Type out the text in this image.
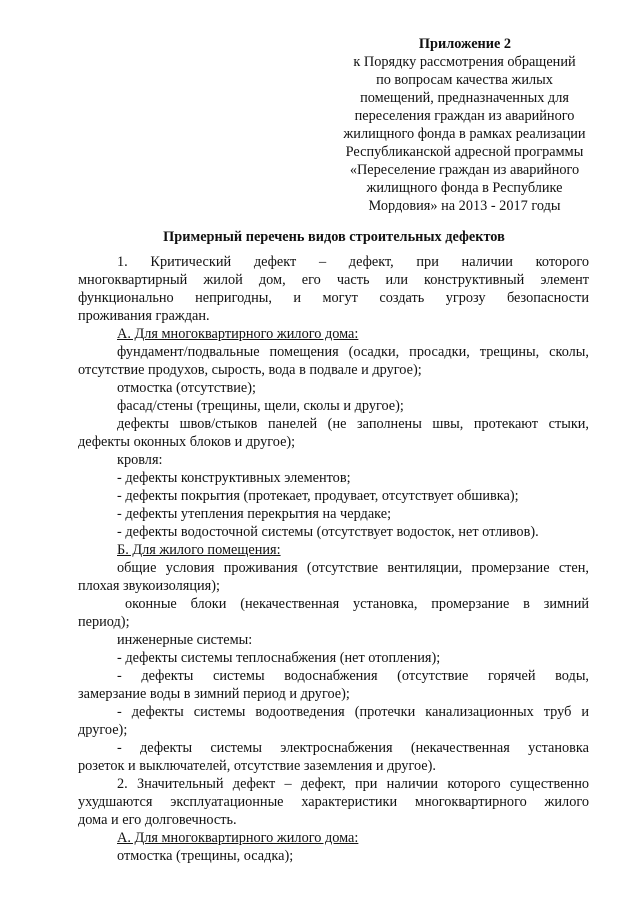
Приложение 2
к Порядку рассмотрения обращений
по вопросам качества жилых
помещений, предназначенных для
переселения граждан из аварийного
жилищного фонда в рамках реализации
Республиканской адресной программы
«Переселение граждан из аварийного
жилищного фонда в Республике
Мордовия» на 2013 - 2017 годы
Примерный перечень видов строительных дефектов
1. Критический дефект – дефект, при наличии которого
многоквартирный жилой дом, его часть или конструктивный элемент
функционально непригодны, и могут создать угрозу безопасности
проживания граждан.
А. Для многоквартирного жилого дома:
фундамент/подвальные помещения (осадки, просадки, трещины, сколы,
отсутствие продухов, сырость, вода в подвале и другое);
отмостка (отсутствие);
фасад/стены (трещины, щели, сколы и другое);
дефекты швов/стыков панелей (не заполнены швы, протекают стыки,
дефекты оконных блоков и другое);
кровля:
- дефекты конструктивных элементов;
- дефекты покрытия (протекает, продувает, отсутствует обшивка);
- дефекты утепления перекрытия на чердаке;
- дефекты водосточной системы (отсутствует водосток, нет отливов).
Б. Для жилого помещения:
общие условия проживания (отсутствие вентиляции, промерзание стен,
плохая звукоизоляция);
оконные блоки (некачественная установка, промерзание в зимний
период);
инженерные системы:
- дефекты системы теплоснабжения (нет отопления);
- дефекты системы водоснабжения (отсутствие горячей воды,
замерзание воды в зимний период и другое);
- дефекты системы водоотведения (протечки канализационных труб и
другое);
- дефекты системы электроснабжения (некачественная установка
розеток и выключателей, отсутствие заземления и другое).
2. Значительный дефект – дефект, при наличии которого существенно
ухудшаются эксплуатационные характеристики многоквартирного жилого
дома и его долговечность.
А. Для многоквартирного жилого дома:
отмостка (трещины, осадка);
